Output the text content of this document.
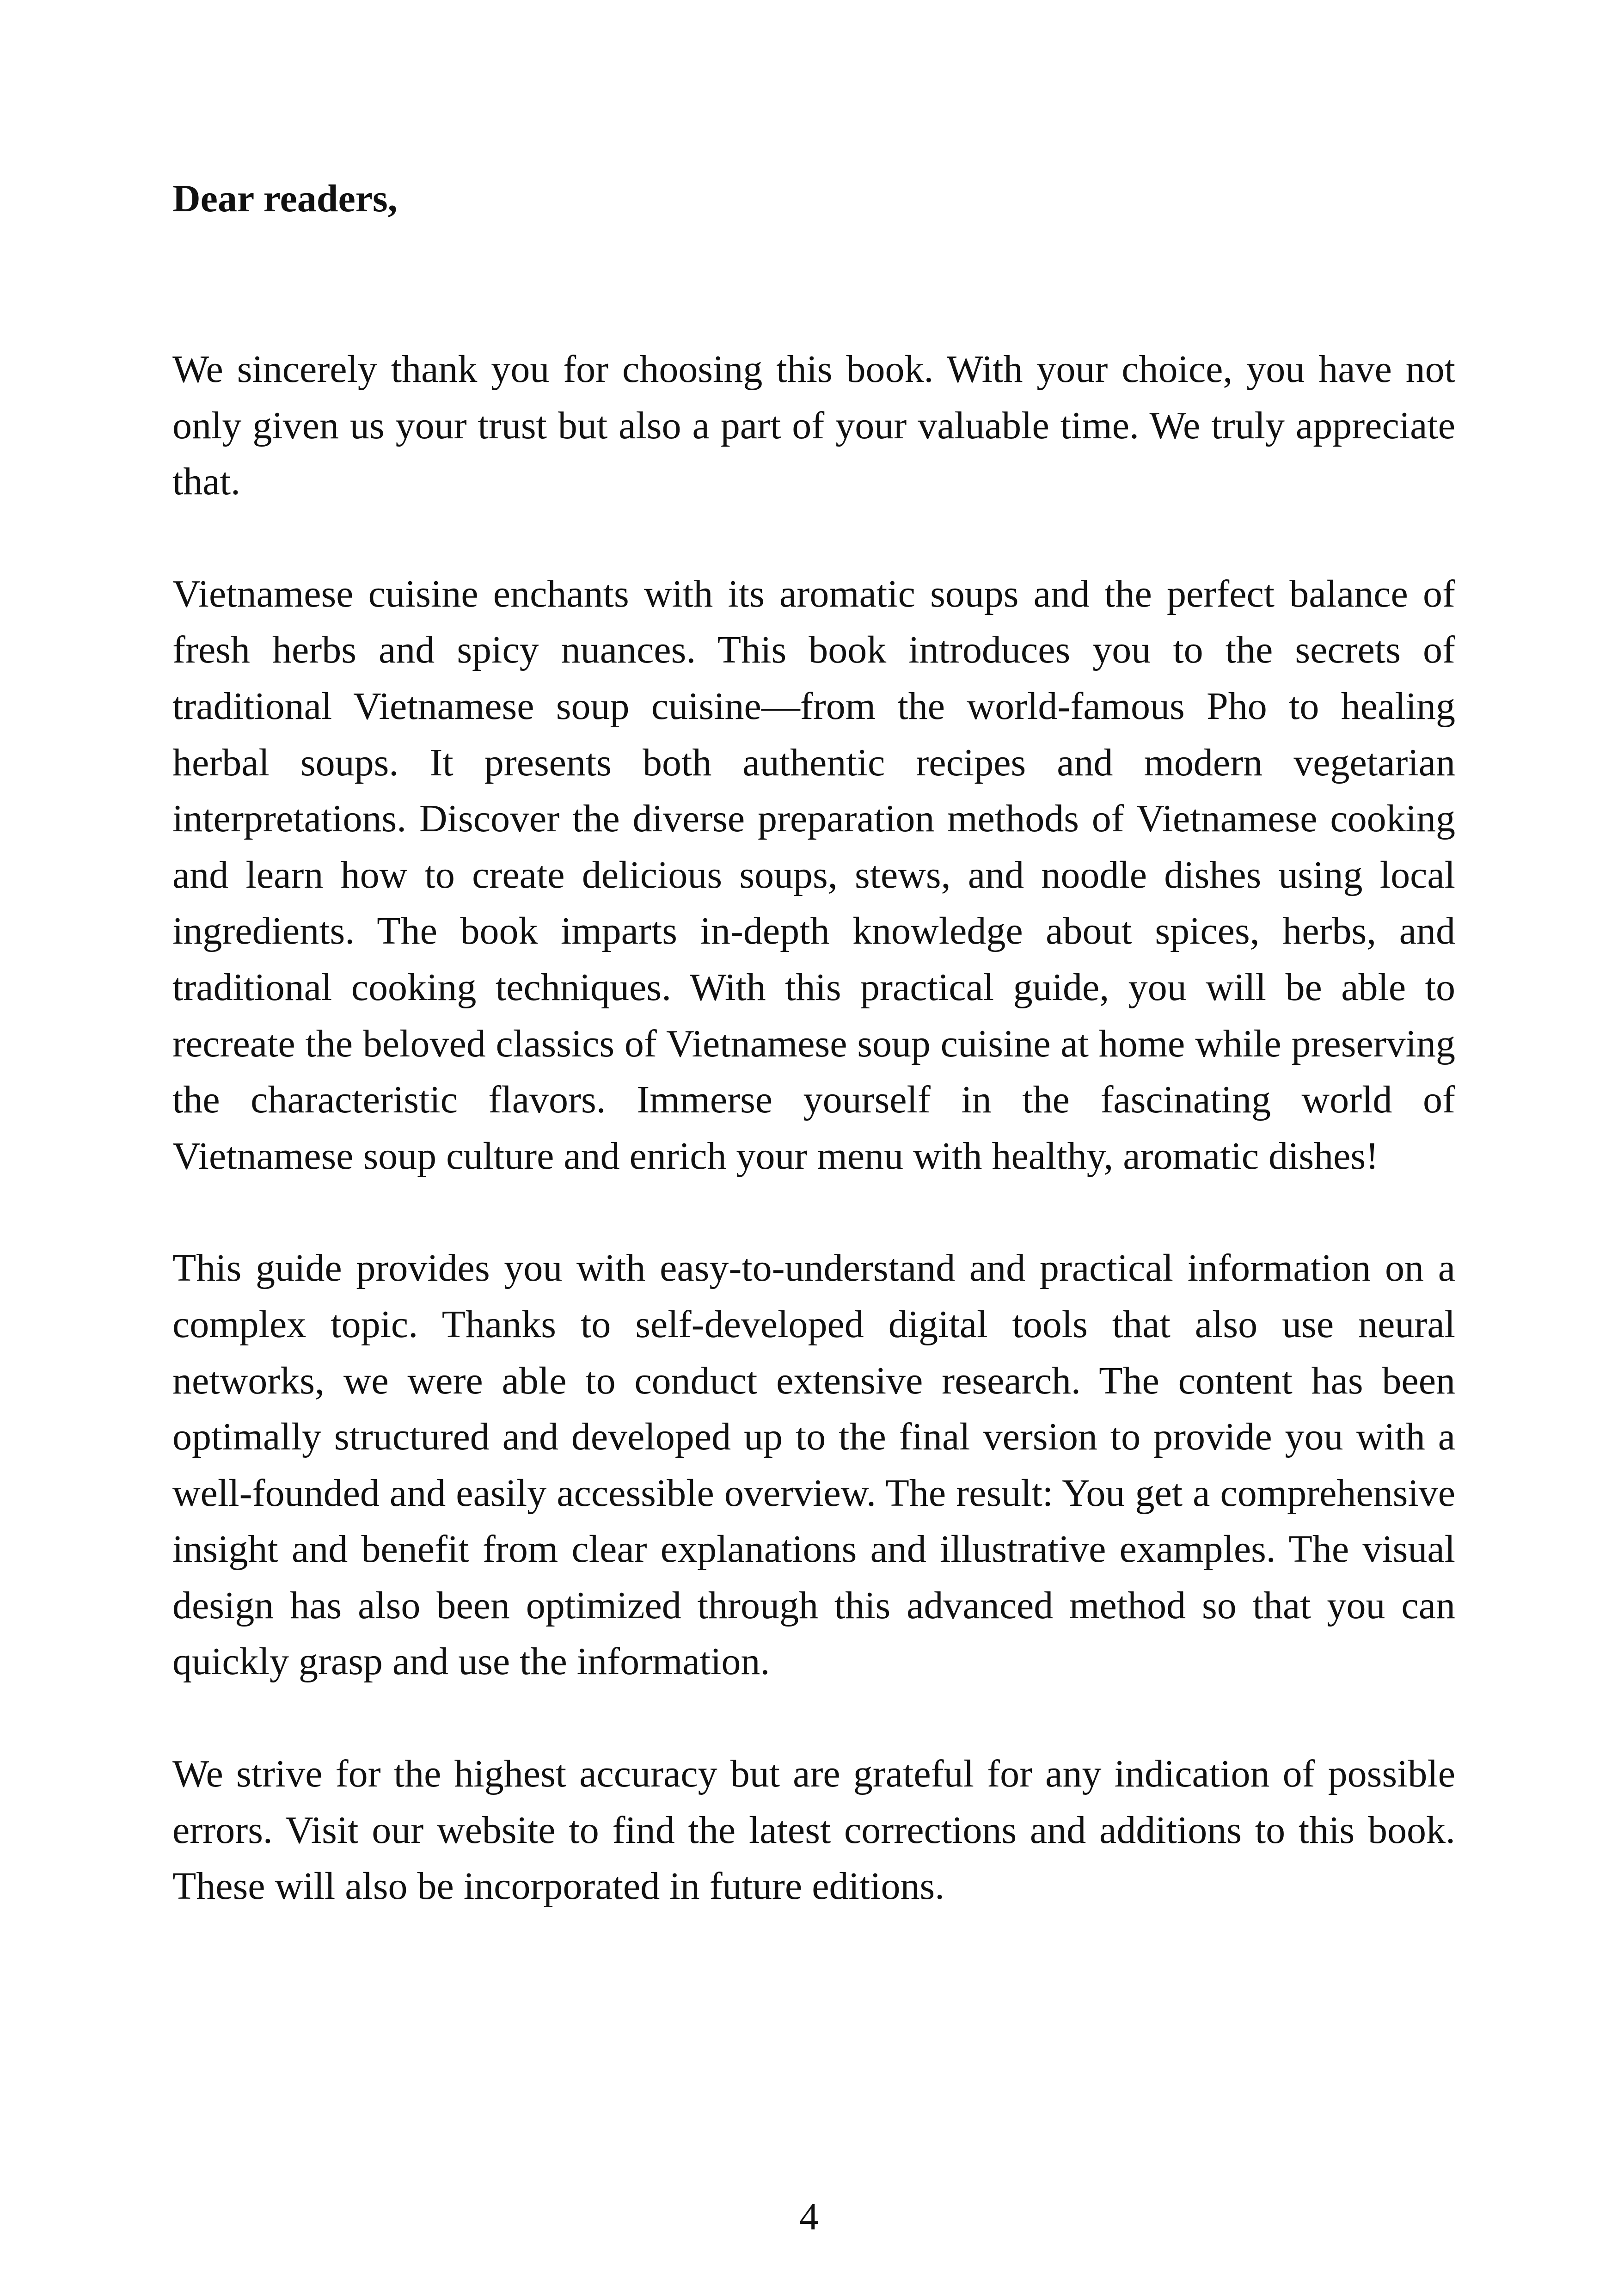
Dear readers,

We sincerely thank you for choosing this book. With your choice, you have not only given us your trust but also a part of your valuable time. We truly appreciate that.

Vietnamese cuisine enchants with its aromatic soups and the perfect balance of fresh herbs and spicy nuances. This book introduces you to the secrets of traditional Vietnamese soup cuisine—from the world-famous Pho to healing herbal soups. It presents both authentic recipes and modern vegetarian interpretations. Discover the diverse preparation methods of Vietnamese cooking and learn how to create delicious soups, stews, and noodle dishes using local ingredients. The book imparts in-depth knowledge about spices, herbs, and traditional cooking techniques. With this practical guide, you will be able to recreate the beloved classics of Vietnamese soup cuisine at home while preserving the characteristic flavors. Immerse yourself in the fascinating world of Vietnamese soup culture and enrich your menu with healthy, aromatic dishes!

This guide provides you with easy-to-understand and practical information on a complex topic. Thanks to self-developed digital tools that also use neural networks, we were able to conduct extensive research. The content has been optimally structured and developed up to the final version to provide you with a well-founded and easily accessible overview. The result: You get a comprehensive insight and benefit from clear explanations and illustrative examples. The visual design has also been optimized through this advanced method so that you can quickly grasp and use the information.

We strive for the highest accuracy but are grateful for any indication of possible errors. Visit our website to find the latest corrections and additions to this book. These will also be incorporated in future editions.

4
